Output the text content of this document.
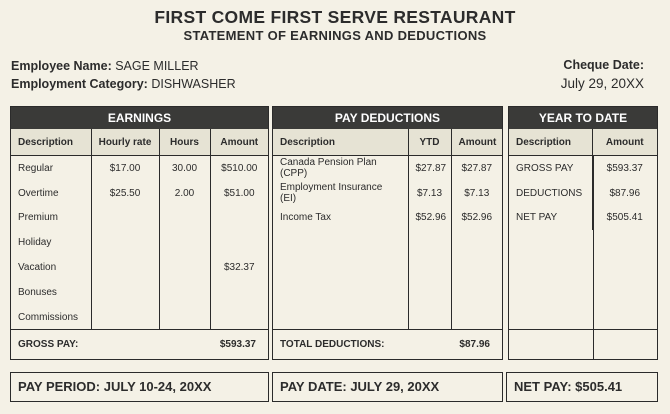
FIRST COME FIRST SERVE RESTAURANT
STATEMENT OF EARNINGS AND DEDUCTIONS
Employee Name: SAGE MILLER
Employment Category: DISHWASHER
Cheque Date:
July 29, 20XX
EARNINGS
Description	Hourly rate	Hours	Amount
Regular	$17.00	30.00	$510.00
Overtime	$25.50	2.00	$51.00
Premium			
Holiday			
Vacation			$32.37
Bonuses			
Commissions			
GROSS PAY:	$593.37
PAY DEDUCTIONS
Description	YTD	Amount
Canada Pension Plan (CPP)	$27.87	$27.87
Employment Insurance (EI)	$7.13	$7.13
Income Tax	$52.96	$52.96

TOTAL DEDUCTIONS:	$87.96
YEAR TO DATE
Description	Amount
GROSS PAY	$593.37
DEDUCTIONS	$87.96
NET PAY	$505.41
PAY PERIOD: JULY 10-24, 20XX	PAY DATE: JULY 29, 20XX	NET PAY: $505.41
